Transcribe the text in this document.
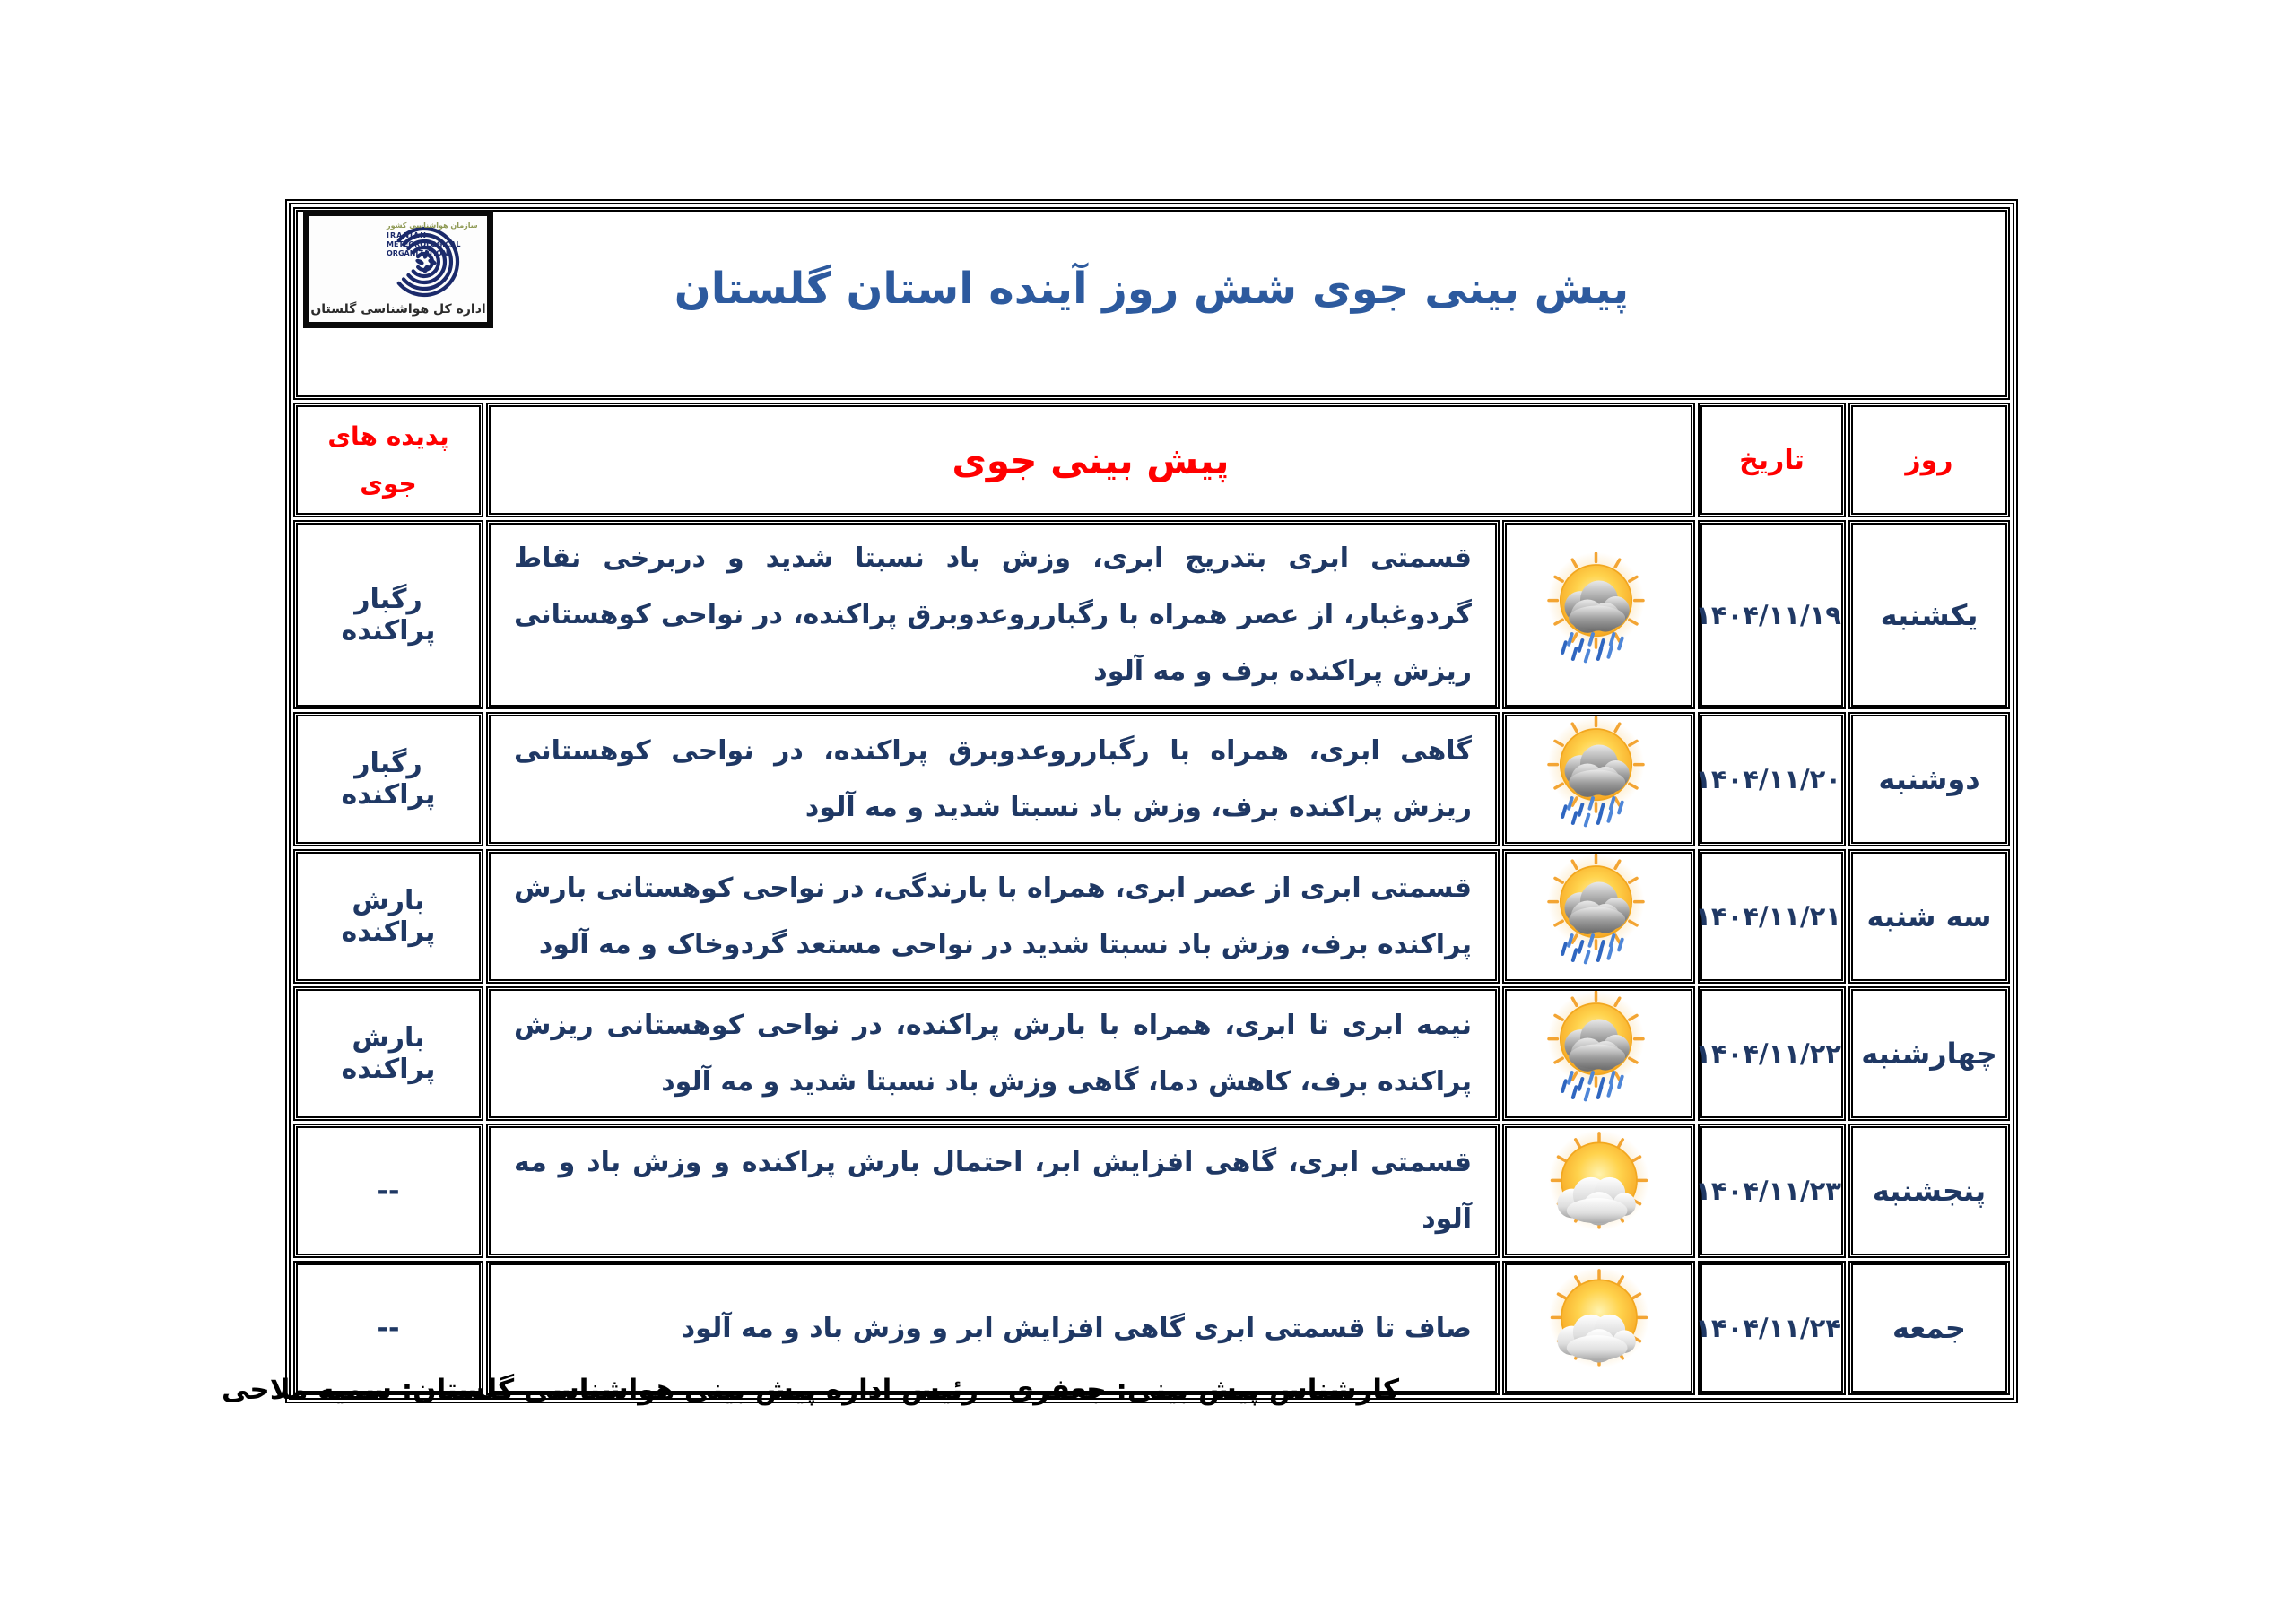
پیش بینی جوی شش روز آینده استان گلستان
سازمان هواشناسی کشور
IRANIAN
METEOROLOGICAL
ORGANIZATION
اداره کل هواشناسی گلستان

روز	تاریخ	پیش بینی جوی		پدیده های جوی
یکشنبه	۱۴۰۴/۱۱/۱۹		قسمتی ابری بتدریج ابری، وزش باد نسبتا شدید و دربرخی نقاط گردوغبار، از عصر همراه با رگبارروعدوبرق پراکنده، در نواحی کوهستانی ریزش پراکنده برف و مه آلود	رگبار پراکنده
دوشنبه	۱۴۰۴/۱۱/۲۰		گاهی ابری، همراه با رگبارروعدوبرق پراکنده، در نواحی کوهستانی ریزش پراکنده برف، وزش باد نسبتا شدید و مه آلود	رگبار پراکنده
سه شنبه	۱۴۰۴/۱۱/۲۱		قسمتی ابری از عصر ابری، همراه با بارندگی، در نواحی کوهستانی بارش پراکنده برف، وزش باد نسبتا شدید در نواحی مستعد گردوخاک و مه آلود	بارش پراکنده
چهارشنبه	۱۴۰۴/۱۱/۲۲		نیمه ابری تا ابری، همراه با بارش پراکنده، در نواحی کوهستانی ریزش پراکنده برف، کاهش دما، گاهی وزش باد نسبتا شدید و مه آلود	بارش پراکنده
پنجشنبه	۱۴۰۴/۱۱/۲۳		قسمتی ابری، گاهی افزایش ابر، احتمال بارش پراکنده و وزش باد و مه آلود	--
جمعه	۱۴۰۴/۱۱/۲۴		صاف تا قسمتی ابری گاهی افزایش ابر و وزش باد و مه آلود	--
کارشناس پیش بینی: جعفری
رئیس اداره پیش بینی هواشناسی گلستان: سمیه ملاحی
